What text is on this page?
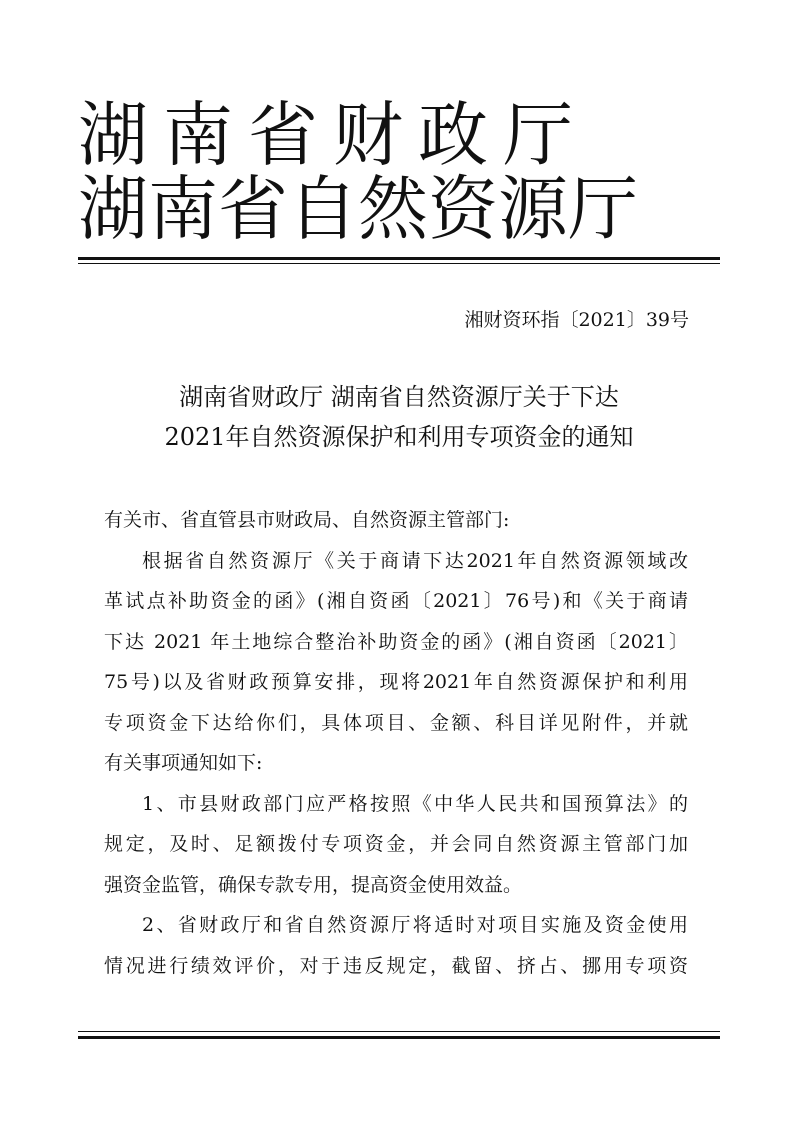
湖南省财政厅
湖南省自然资源厅
湘财资环指〔2021〕39号
湖南省财政厅 湖南省自然资源厅关于下达
2021年自然资源保护和利用专项资金的通知
有关市、省直管县市财政局、自然资源主管部门:
根据省自然资源厅《关于商请下达2021年自然资源领域改
革试点补助资金的函》(湘自资函〔2021〕76号)和《关于商请
下达 2021 年土地综合整治补助资金的函》(湘自资函〔2021〕
75号)以及省财政预算安排，现将2021年自然资源保护和利用
专项资金下达给你们，具体项目、金额、科目详见附件，并就
有关事项通知如下:
1、市县财政部门应严格按照《中华人民共和国预算法》的
规定，及时、足额拨付专项资金，并会同自然资源主管部门加
强资金监管，确保专款专用，提高资金使用效益。
2、省财政厅和省自然资源厅将适时对项目实施及资金使用
情况进行绩效评价，对于违反规定，截留、挤占、挪用专项资
